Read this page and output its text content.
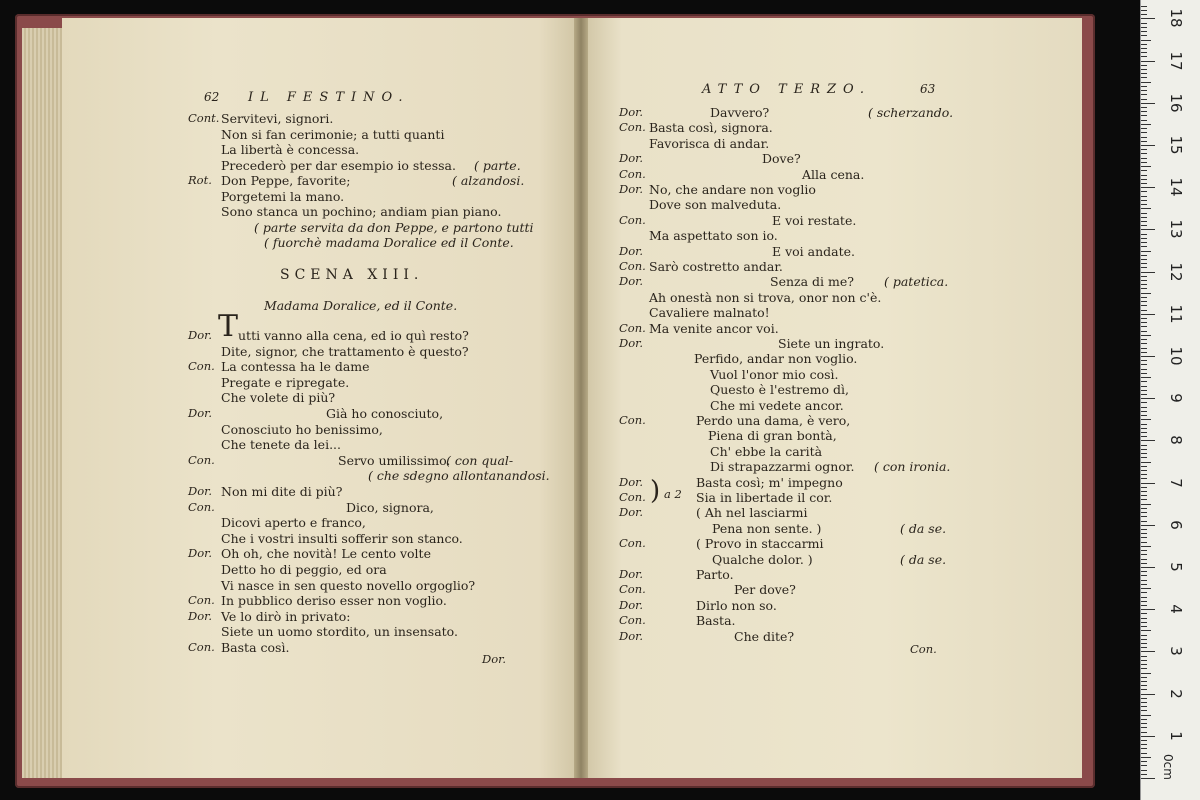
62 IL FESTINO.
Cont. Servitevi, signori.
Non si fan cerimonie; a tutti quanti
La libertà è concessa.
Precederò per dar esempio io stessa. ( parte.
Rot. Don Peppe, favorite;	( alzandosi.
Porgetemi la mano.
Sono stanca un pochino; andiam pian piano.
( parte servita da don Peppe, e partono tutti
( fuorchè madama Doralice ed il Conte.
SCENA XIII.
Madama Doralice, ed il Conte.
T
Dor. utti vanno alla cena, ed io quì resto?
Dite, signor, che trattamento è questo?
Con. La contessa ha le dame
Pregate e ripregate.
Che volete di più?
Dor.	Già ho conosciuto,
Conosciuto ho benissimo,
Che tenete da lei...
Con.	Servo umilissimo.
( con qual-
( che sdegno allontanandosi.
Dor. Non mi dite di più?
Con.	Dico, signora,
Dicovi aperto e franco,
Che i vostri insulti sofferir son stanco.
Dor. Oh oh, che novità! Le cento volte
Detto ho di peggio, ed ora
Vi nasce in sen questo novello orgoglio?
Con. In pubblico deriso esser non voglio.
Dor. Ve lo dirò in privato:
Siete un uomo stordito, un insensato.
Con. Basta così.
Dor.
ATTO TERZO.	63
Dor.	Davvero?	( scherzando.
Con. Basta così, signora.
Favorisca di andar.
Dor.	Dove?
Con.	Alla cena.
Dor. No, che andare non voglio
Dove son malveduta.
Con.	E voi restate.
Ma aspettato son io.
Dor.	E voi andate.
Con. Sarò costretto andar.
Dor.	Senza di me? ( patetica.
Ah onestà non si trova, onor non c'è.
Cavaliere malnato!
Con. Ma venite ancor voi.
Dor.	Siete un ingrato.
Perfido, andar non voglio.
Vuol l'onor mio così.
Questo è l'estremo dì,
Che mi vedete ancor.
Con.	Perdo una dama, è vero,
Piena di gran bontà,
Ch' ebbe la carità
Di strapazzarmi ognor. ( con ironia.
Dor.	Basta così; m' impegno
Con.	Sia in libertade il cor.
Dor.	( Ah nel lasciarmi
Pena non sente. )	( da se.
Con.	( Provo in staccarmi
Qualche dolor. )	( da se.
Dor.	Parto.
Con.	Per dove?
Dor.	Dirlo non so.
Con.	Basta.
Dor.	Che dite?
) a 2
Con.
0cm
1
2
3
4
5
6
7
8
9
10
11
12
13
14
15
16
17
18
